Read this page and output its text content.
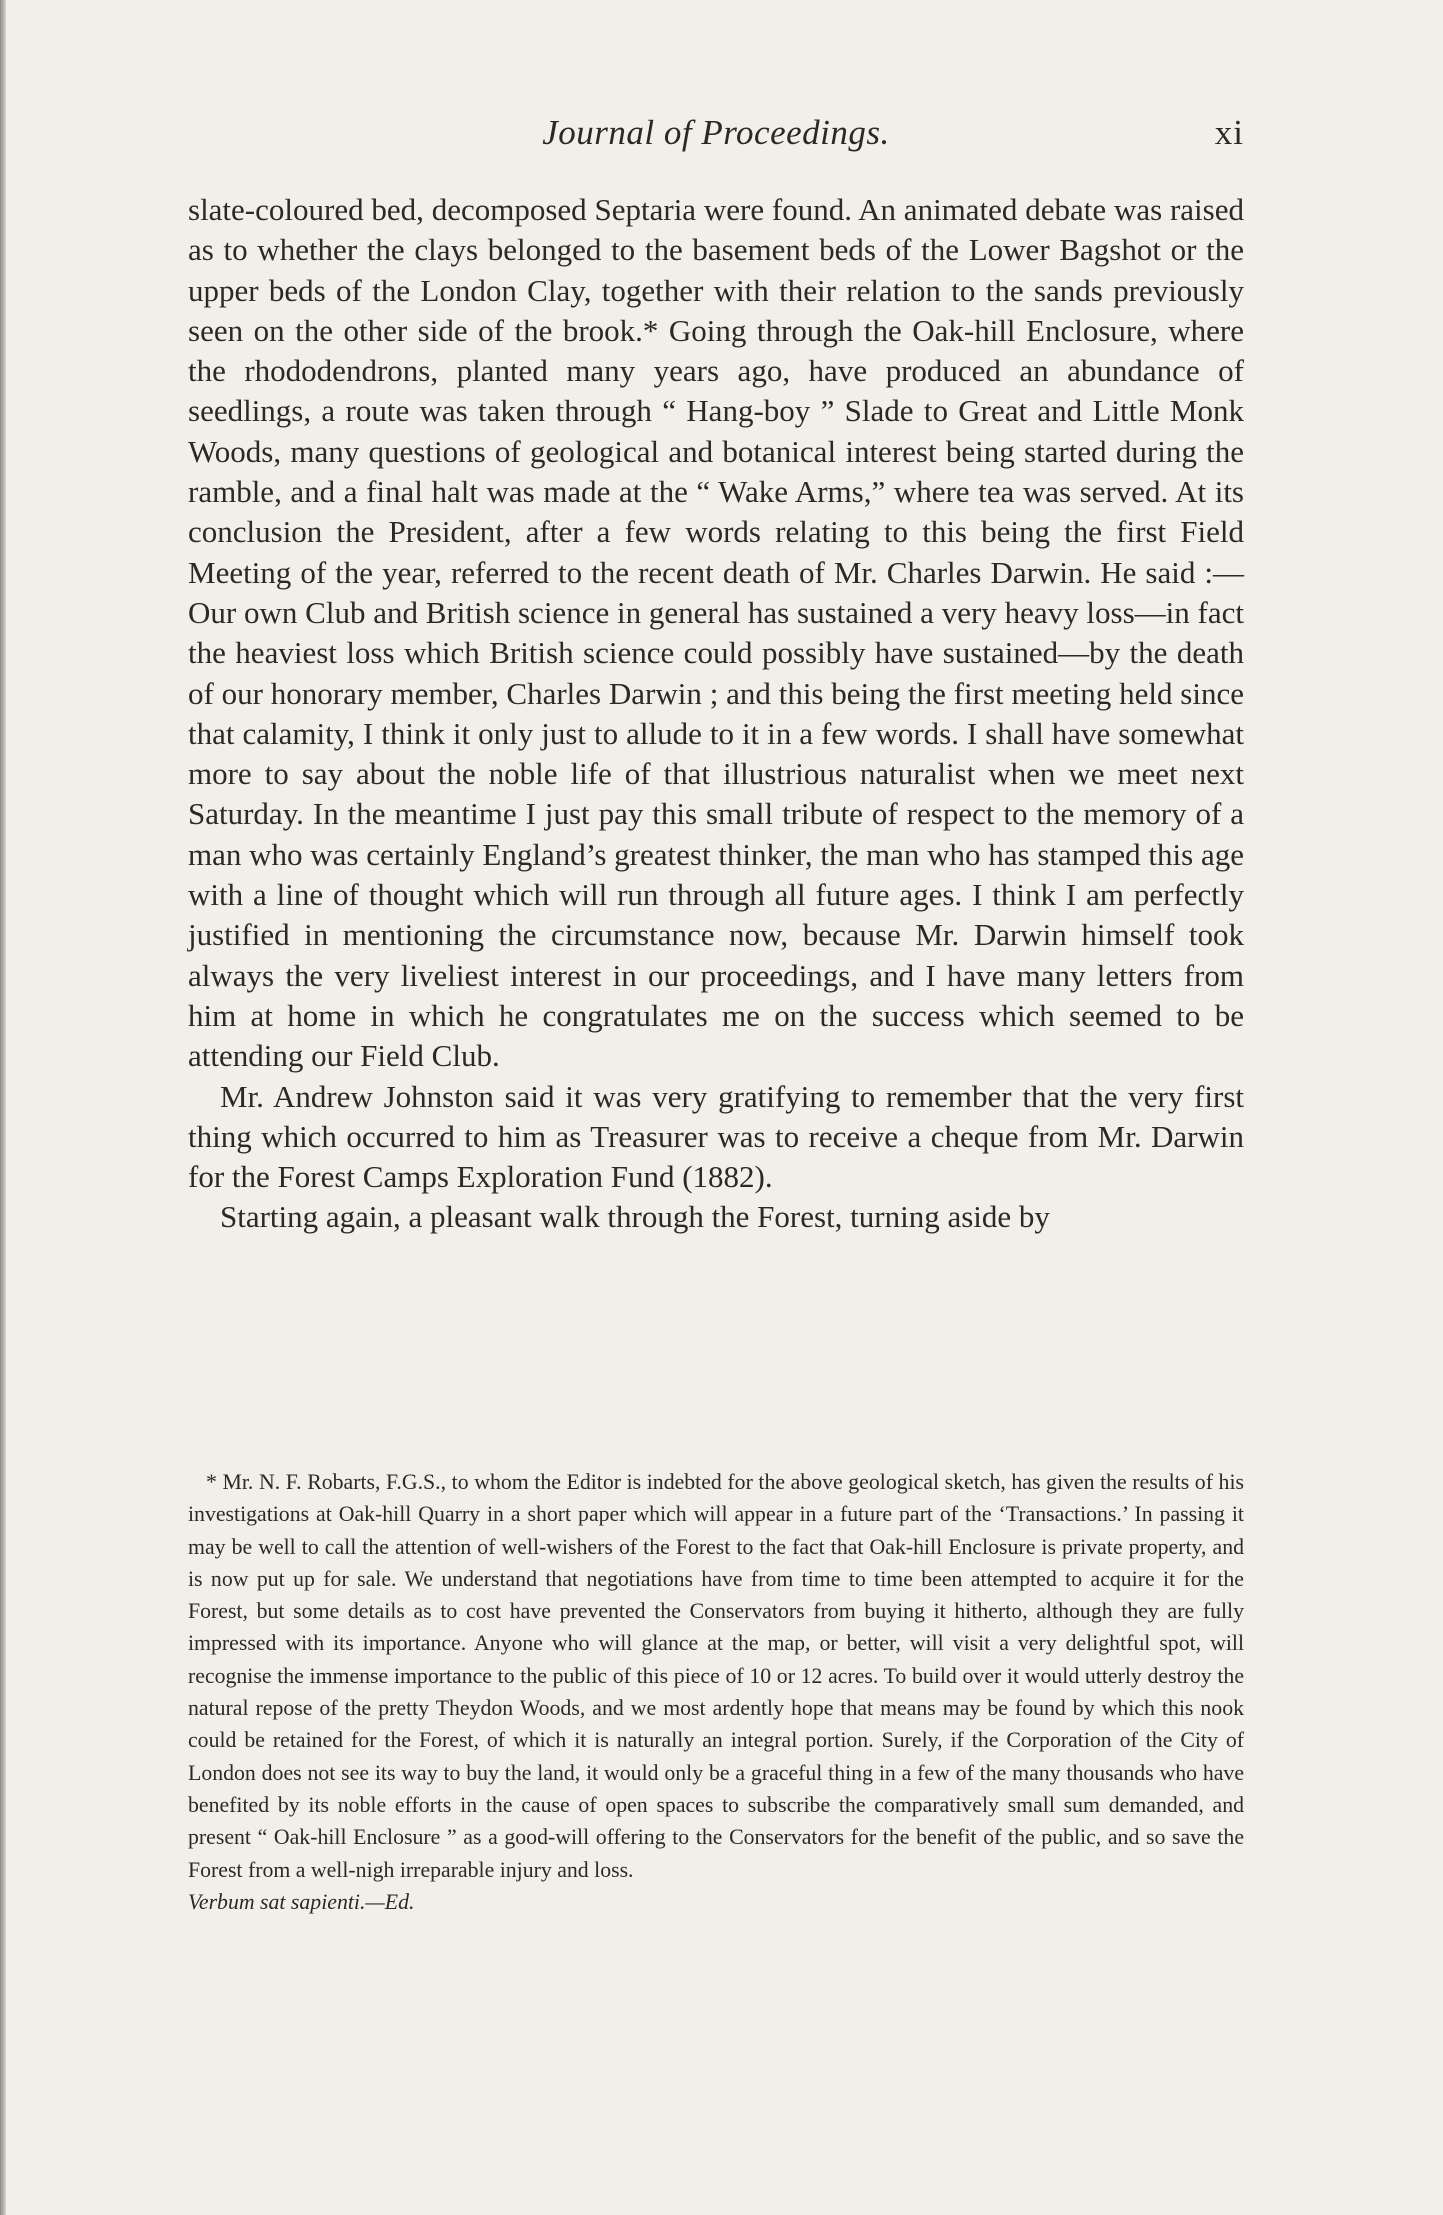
Journal of Proceedings.	xi

slate-coloured bed, decomposed Septaria were found. An animated debate was raised as to whether the clays belonged to the basement beds of the Lower Bagshot or the upper beds of the London Clay, together with their relation to the sands previously seen on the other side of the brook.* Going through the Oak-hill Enclosure, where the rhododendrons, planted many years ago, have produced an abundance of seedlings, a route was taken through “ Hang-boy ” Slade to Great and Little Monk Woods, many questions of geological and botanical interest being started during the ramble, and a final halt was made at the “ Wake Arms,” where tea was served. At its conclusion the President, after a few words relating to this being the first Field Meeting of the year, referred to the recent death of Mr. Charles Darwin. He said :—Our own Club and British science in general has sustained a very heavy loss—in fact the heaviest loss which British science could possibly have sustained—by the death of our honorary member, Charles Darwin ; and this being the first meeting held since that calamity, I think it only just to allude to it in a few words. I shall have somewhat more to say about the noble life of that illustrious naturalist when we meet next Saturday. In the meantime I just pay this small tribute of respect to the memory of a man who was certainly England’s greatest thinker, the man who has stamped this age with a line of thought which will run through all future ages. I think I am perfectly justified in mentioning the circumstance now, because Mr. Darwin himself took always the very liveliest interest in our proceedings, and I have many letters from him at home in which he congratulates me on the success which seemed to be attending our Field Club.

Mr. Andrew Johnston said it was very gratifying to remember that the very first thing which occurred to him as Treasurer was to receive a cheque from Mr. Darwin for the Forest Camps Exploration Fund (1882).

Starting again, a pleasant walk through the Forest, turning aside by

* Mr. N. F. Robarts, F.G.S., to whom the Editor is indebted for the above geological sketch, has given the results of his investigations at Oak-hill Quarry in a short paper which will appear in a future part of the ‘Transactions.’ In passing it may be well to call the attention of well-wishers of the Forest to the fact that Oak-hill Enclosure is private property, and is now put up for sale. We understand that negotiations have from time to time been attempted to acquire it for the Forest, but some details as to cost have prevented the Conservators from buying it hitherto, although they are fully impressed with its importance. Anyone who will glance at the map, or better, will visit a very delightful spot, will recognise the immense importance to the public of this piece of 10 or 12 acres. To build over it would utterly destroy the natural repose of the pretty Theydon Woods, and we most ardently hope that means may be found by which this nook could be retained for the Forest, of which it is naturally an integral portion. Surely, if the Corporation of the City of London does not see its way to buy the land, it would only be a graceful thing in a few of the many thousands who have benefited by its noble efforts in the cause of open spaces to subscribe the comparatively small sum demanded, and present “ Oak-hill Enclosure ” as a good-will offering to the Conservators for the benefit of the public, and so save the Forest from a well-nigh irreparable injury and loss.

Verbum sat sapienti.—Ed.
